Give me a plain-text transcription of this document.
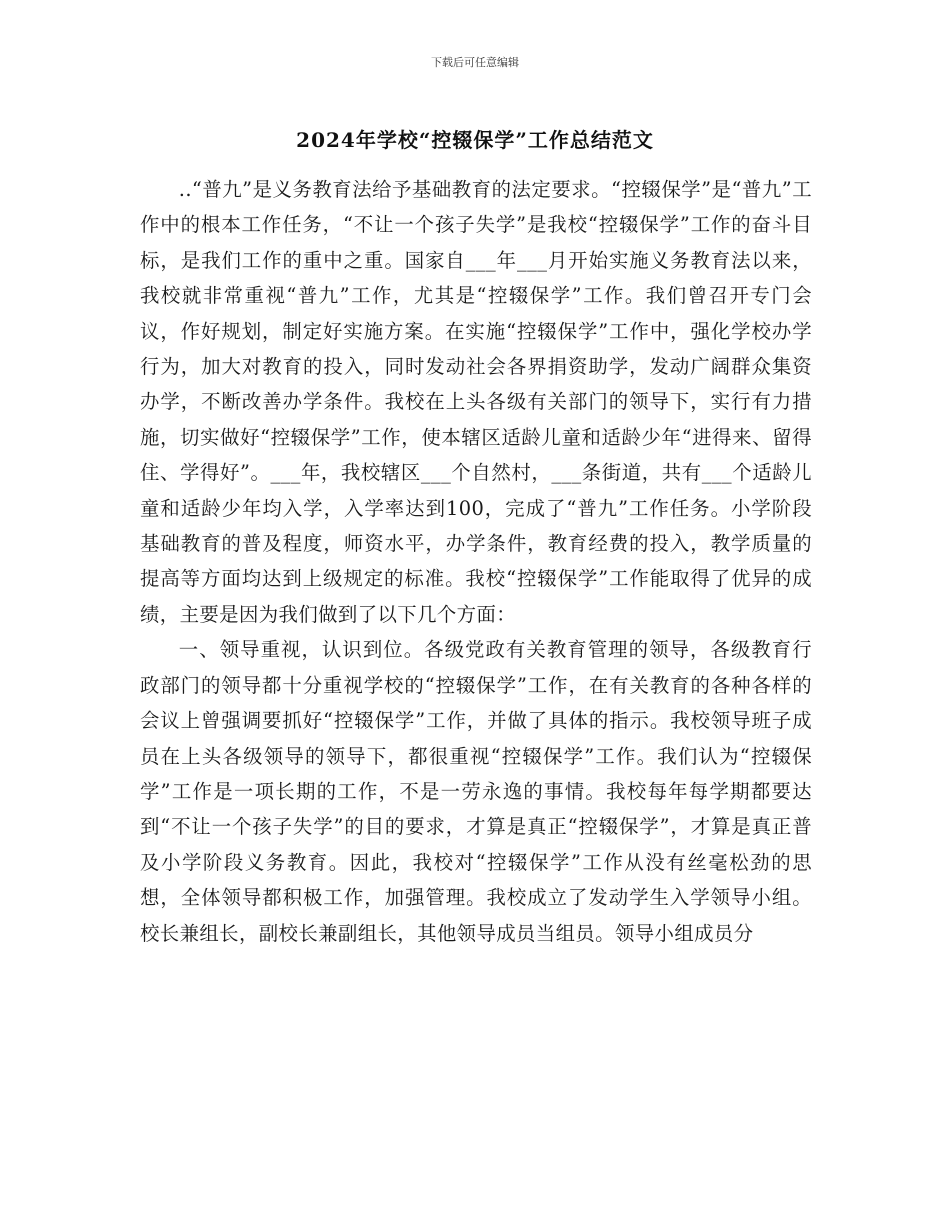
下载后可任意编辑
2024年学校“控辍保学”工作总结范文

..“普九”是义务教育法给予基础教育的法定要求。“控辍保学”是“普九”工作中的根本工作任务，“不让一个孩子失学”是我校“控辍保学”工作的奋斗目标，是我们工作的重中之重。国家自___年___月开始实施义务教育法以来，我校就非常重视“普九”工作，尤其是“控辍保学”工作。我们曾召开专门会议，作好规划，制定好实施方案。在实施“控辍保学”工作中，强化学校办学行为，加大对教育的投入，同时发动社会各界捐资助学，发动广阔群众集资办学，不断改善办学条件。我校在上头各级有关部门的领导下，实行有力措施，切实做好“控辍保学”工作，使本辖区适龄儿童和适龄少年“进得来、留得住、学得好”。___年，我校辖区___个自然村，___条街道，共有___个适龄儿童和适龄少年均入学，入学率达到100，完成了“普九”工作任务。小学阶段基础教育的普及程度，师资水平，办学条件，教育经费的投入，教学质量的提高等方面均达到上级规定的标准。我校“控辍保学”工作能取得了优异的成绩，主要是因为我们做到了以下几个方面：

一、领导重视，认识到位。各级党政有关教育管理的领导，各级教育行政部门的领导都十分重视学校的“控辍保学”工作，在有关教育的各种各样的会议上曾强调要抓好“控辍保学”工作，并做了具体的指示。我校领导班子成员在上头各级领导的领导下，都很重视“控辍保学”工作。我们认为“控辍保学”工作是一项长期的工作，不是一劳永逸的事情。我校每年每学期都要达到“不让一个孩子失学”的目的要求，才算是真正“控辍保学”，才算是真正普及小学阶段义务教育。因此，我校对“控辍保学”工作从没有丝毫松劲的思想，全体领导都积极工作，加强管理。我校成立了发动学生入学领导小组。校长兼组长，副校长兼副组长，其他领导成员当组员。领导小组成员分
